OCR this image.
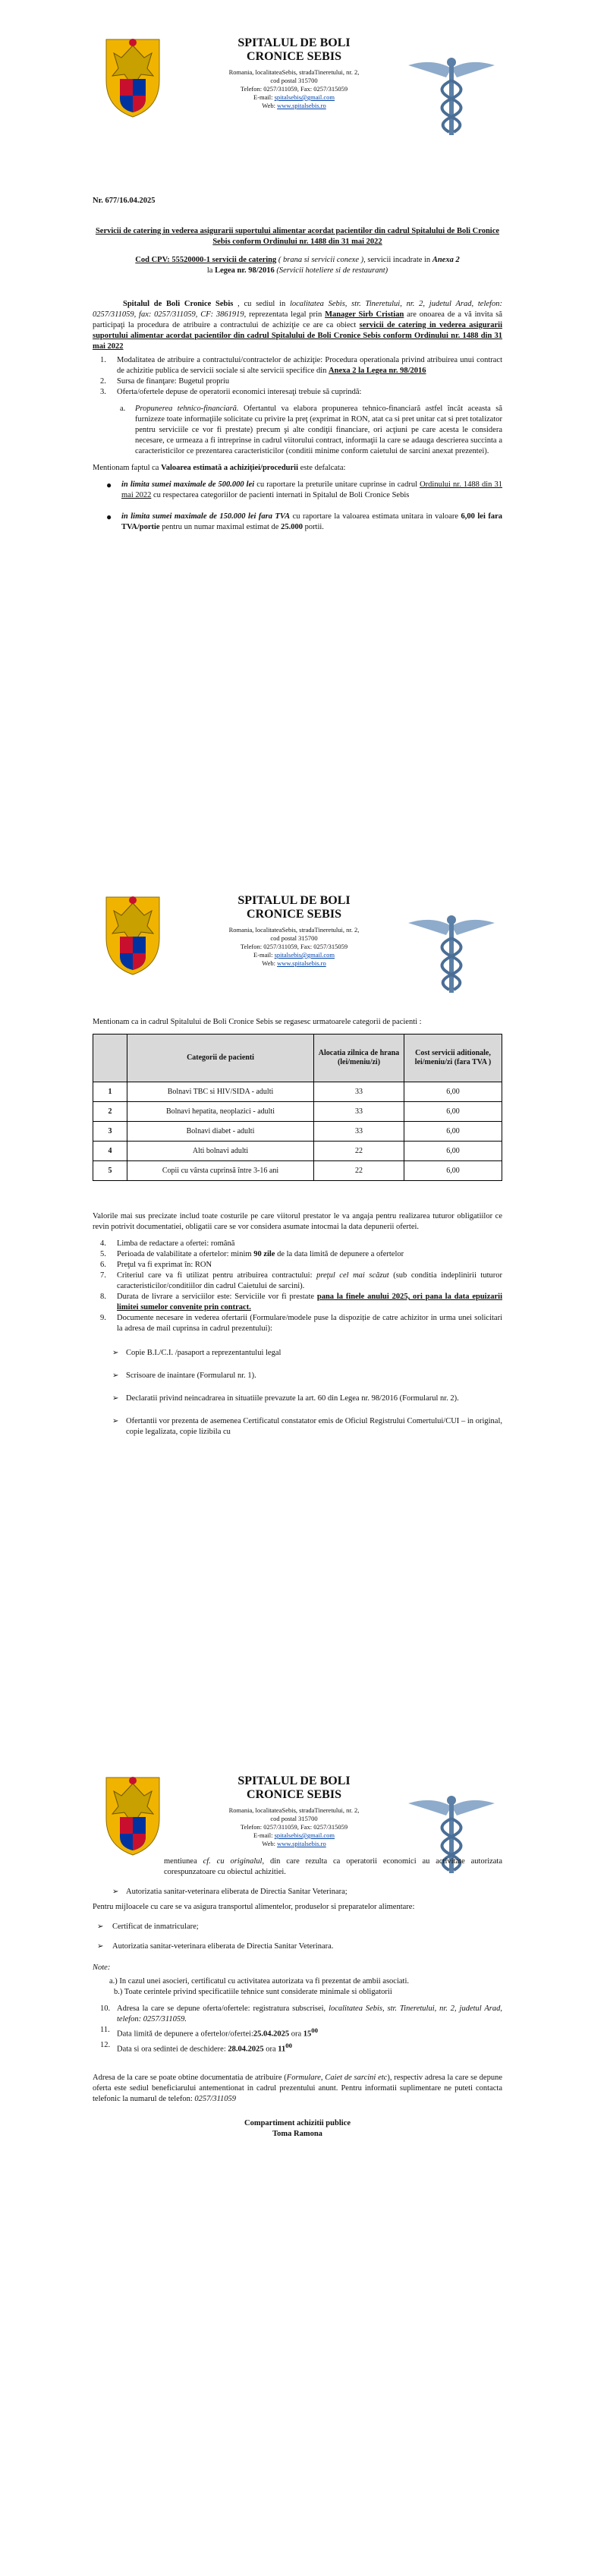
SPITALUL DE BOLI CRONICE SEBIS
Romania, localitateaSebis, stradaTineretului, nr. 2, cod postal 315700
Telefon: 0257/311059, Fax: 0257/315059
E-mail: spitalsebis@gmail.com
Web: www.spitalsebis.ro

Nr. 677/16.04.2025

Servicii de catering in vederea asigurarii suportului alimentar acordat pacientilor din cadrul Spitalului de Boli Cronice Sebis conform Ordinului nr. 1488 din 31 mai 2022

Cod CPV: 55520000-1 servicii de catering ( brana si servicii conexe ), servicii incadrate in Anexa 2
la Legea nr. 98/2016 (Servicii hoteliere si de restaurant)

Spitalul de Boli Cronice Sebis , cu sediul in localitatea Sebis, str. Tineretului, nr. 2, judetul Arad, telefon: 0257/311059, fax: 0257/311059, CF: 3861919, reprezentata legal prin Manager Sirb Cristian are onoarea de a vă invita să participaţi la procedura de atribuire a contractului de achiziţie ce are ca obiect servicii de catering in vederea asigurarii suportului alimentar acordat pacientilor din cadrul Spitalului de Boli Cronice Sebis conform Ordinului nr. 1488 din 31 mai 2022

1. Modalitatea de atribuire a contractului/contractelor de achiziţie: Procedura operationala privind atribuirea unui contract de achizitie publica de servicii sociale si alte servicii specifice din Anexa 2 la Legea nr. 98/2016
2. Sursa de finanţare: Bugetul propriu
3. Oferta/ofertele depuse de operatorii economici interesaţi trebuie să cuprindă:
a. Propunerea tehnico-financiară. Ofertantul va elabora propunerea tehnico-financiară astfel încât aceasta să furnizeze toate informaţiile solicitate cu privire la preţ (exprimat in RON, atat ca si pret unitar cat si pret totalizator pentru serviciile ce vor fi prestate) precum şi alte condiţii financiare, ori acţiuni pe care acesta le considera necesare, ce urmeaza a fi intreprinse in cadrul viitorului contract, informaţii la care se adauga descrierea succinta a caracteristicilor ce prezentarea caracteristicilor (conditii minime conform caietului de sarcini anexat prezentei).

Mentionam faptul ca Valoarea estimată a achiziţiei/procedurii este defalcata:

● in limita sumei maximale de 500.000 lei cu raportare la preturile unitare cuprinse in cadrul Ordinului nr. 1488 din 31 mai 2022 cu respectarea categoriilor de pacienti internati in Spitalul de Boli Cronice Sebis
● in limita sumei maximale de 150.000 lei fara TVA cu raportare la valoarea estimata unitara in valoare 6,00 lei fara TVA/portie pentru un numar maximal estimat de 25.000 portii.
SPITALUL DE BOLI CRONICE SEBIS
Romania, localitateaSebis, stradaTineretului, nr. 2, cod postal 315700
Telefon: 0257/311059, Fax: 0257/315059
E-mail: spitalsebis@gmail.com
Web: www.spitalsebis.ro

Mentionam ca in cadrul Spitalului de Boli Cronice Sebis se regasesc urmatoarele categorii de pacienti :

	Categorii de pacienti	Alocatia zilnica de hrana (lei/meniu/zi)	Cost servicii aditionale, lei/meniu/zi (fara TVA )
1	Bolnavi TBC si HIV/SIDA - adulti	33	6,00
2	Bolnavi hepatita, neoplazici - adulti	33	6,00
3	Bolnavi diabet - adulti	33	6,00
4	Alti bolnavi adulti	22	6,00
5	Copii cu vârsta cuprinsă între 3-16 ani	22	6,00

Valorile mai sus precizate includ toate costurile pe care viitorul prestator le va angaja pentru realizarea tuturor obligatiilor ce revin potrivit documentatiei, obligatii care se vor considera asumate intocmai la data depunerii ofertei.

4. Limba de redactare a ofertei: română
5. Perioada de valabilitate a ofertelor: minim 90 zile de la data limită de depunere a ofertelor
6. Preţul va fi exprimat în: RON
7. Criteriul care va fi utilizat pentru atribuirea contractului: preţul cel mai scăzut (sub conditia indeplinirii tuturor caracteristicilor/conditiilor din cadrul Caietului de sarcini).
8. Durata de livrare a serviciilor este: Serviciile vor fi prestate pana la finele anului 2025, ori pana la data epuizarii limitei sumelor convenite prin contract.
9. Documente necesare in vederea ofertarii (Formulare/modele puse la dispoziție de catre achizitor in urma unei solicitari la adresa de mail cuprinsa in cadrul prezentului):
➢ Copie B.I./C.I. /pasaport a reprezentantului legal
➢ Scrisoare de inaintare (Formularul nr. 1).
➢ Declaratii privind neincadrarea in situatiile prevazute la art. 60 din Legea nr. 98/2016 (Formularul nr. 2).
➢ Ofertantii vor prezenta de asemenea Certificatul constatator emis de Oficiul Registrului Comertului/CUI – in original, copie legalizata, copie lizibila cu
SPITALUL DE BOLI CRONICE SEBIS
Romania, localitateaSebis, stradaTineretului, nr. 2, cod postal 315700
Telefon: 0257/311059, Fax: 0257/315059
E-mail: spitalsebis@gmail.com
Web: www.spitalsebis.ro
mentiunea cf. cu originalul, din care rezulta ca operatorii economici au activitate autorizata corespunzatoare cu obiectul achizitiei.
➢ Autorizatia sanitar-veterinara eliberata de Directia Sanitar Veterinara;

Pentru mijloacele cu care se va asigura transportul alimentelor, produselor si preparatelor alimentare:

➢ Certificat de inmatriculare;
➢ Autorizatia sanitar-veterinara eliberata de Directia Sanitar Veterinara.

Note:

a.) In cazul unei asocieri, certificatul cu activitatea autorizata va fi prezentat de ambii asociati.

b.) Toate cerintele privind specificatiile tehnice sunt considerate minimale si obligatorii

10. Adresa la care se depune oferta/ofertele: registratura subscrisei, localitatea Sebis, str. Tineretului, nr. 2, judetul Arad, telefon: 0257/311059.
11. Data limită de depunere a ofertelor/ofertei:25.04.2025 ora $15^{00}$
12. Data si ora sedintei de deschidere: 28.04.2025 ora $11^{00}$

Adresa de la care se poate obtine documentatia de atribuire (Formulare, Caiet de sarcini etc), respectiv adresa la care se depune oferta este sediul beneficiarului antementionat in cadrul prezentului anunt. Pentru informatii suplimentare ne puteti contacta telefonic la numarul de telefon: 0257/311059

Compartiment achizitii publice

Toma Ramona
